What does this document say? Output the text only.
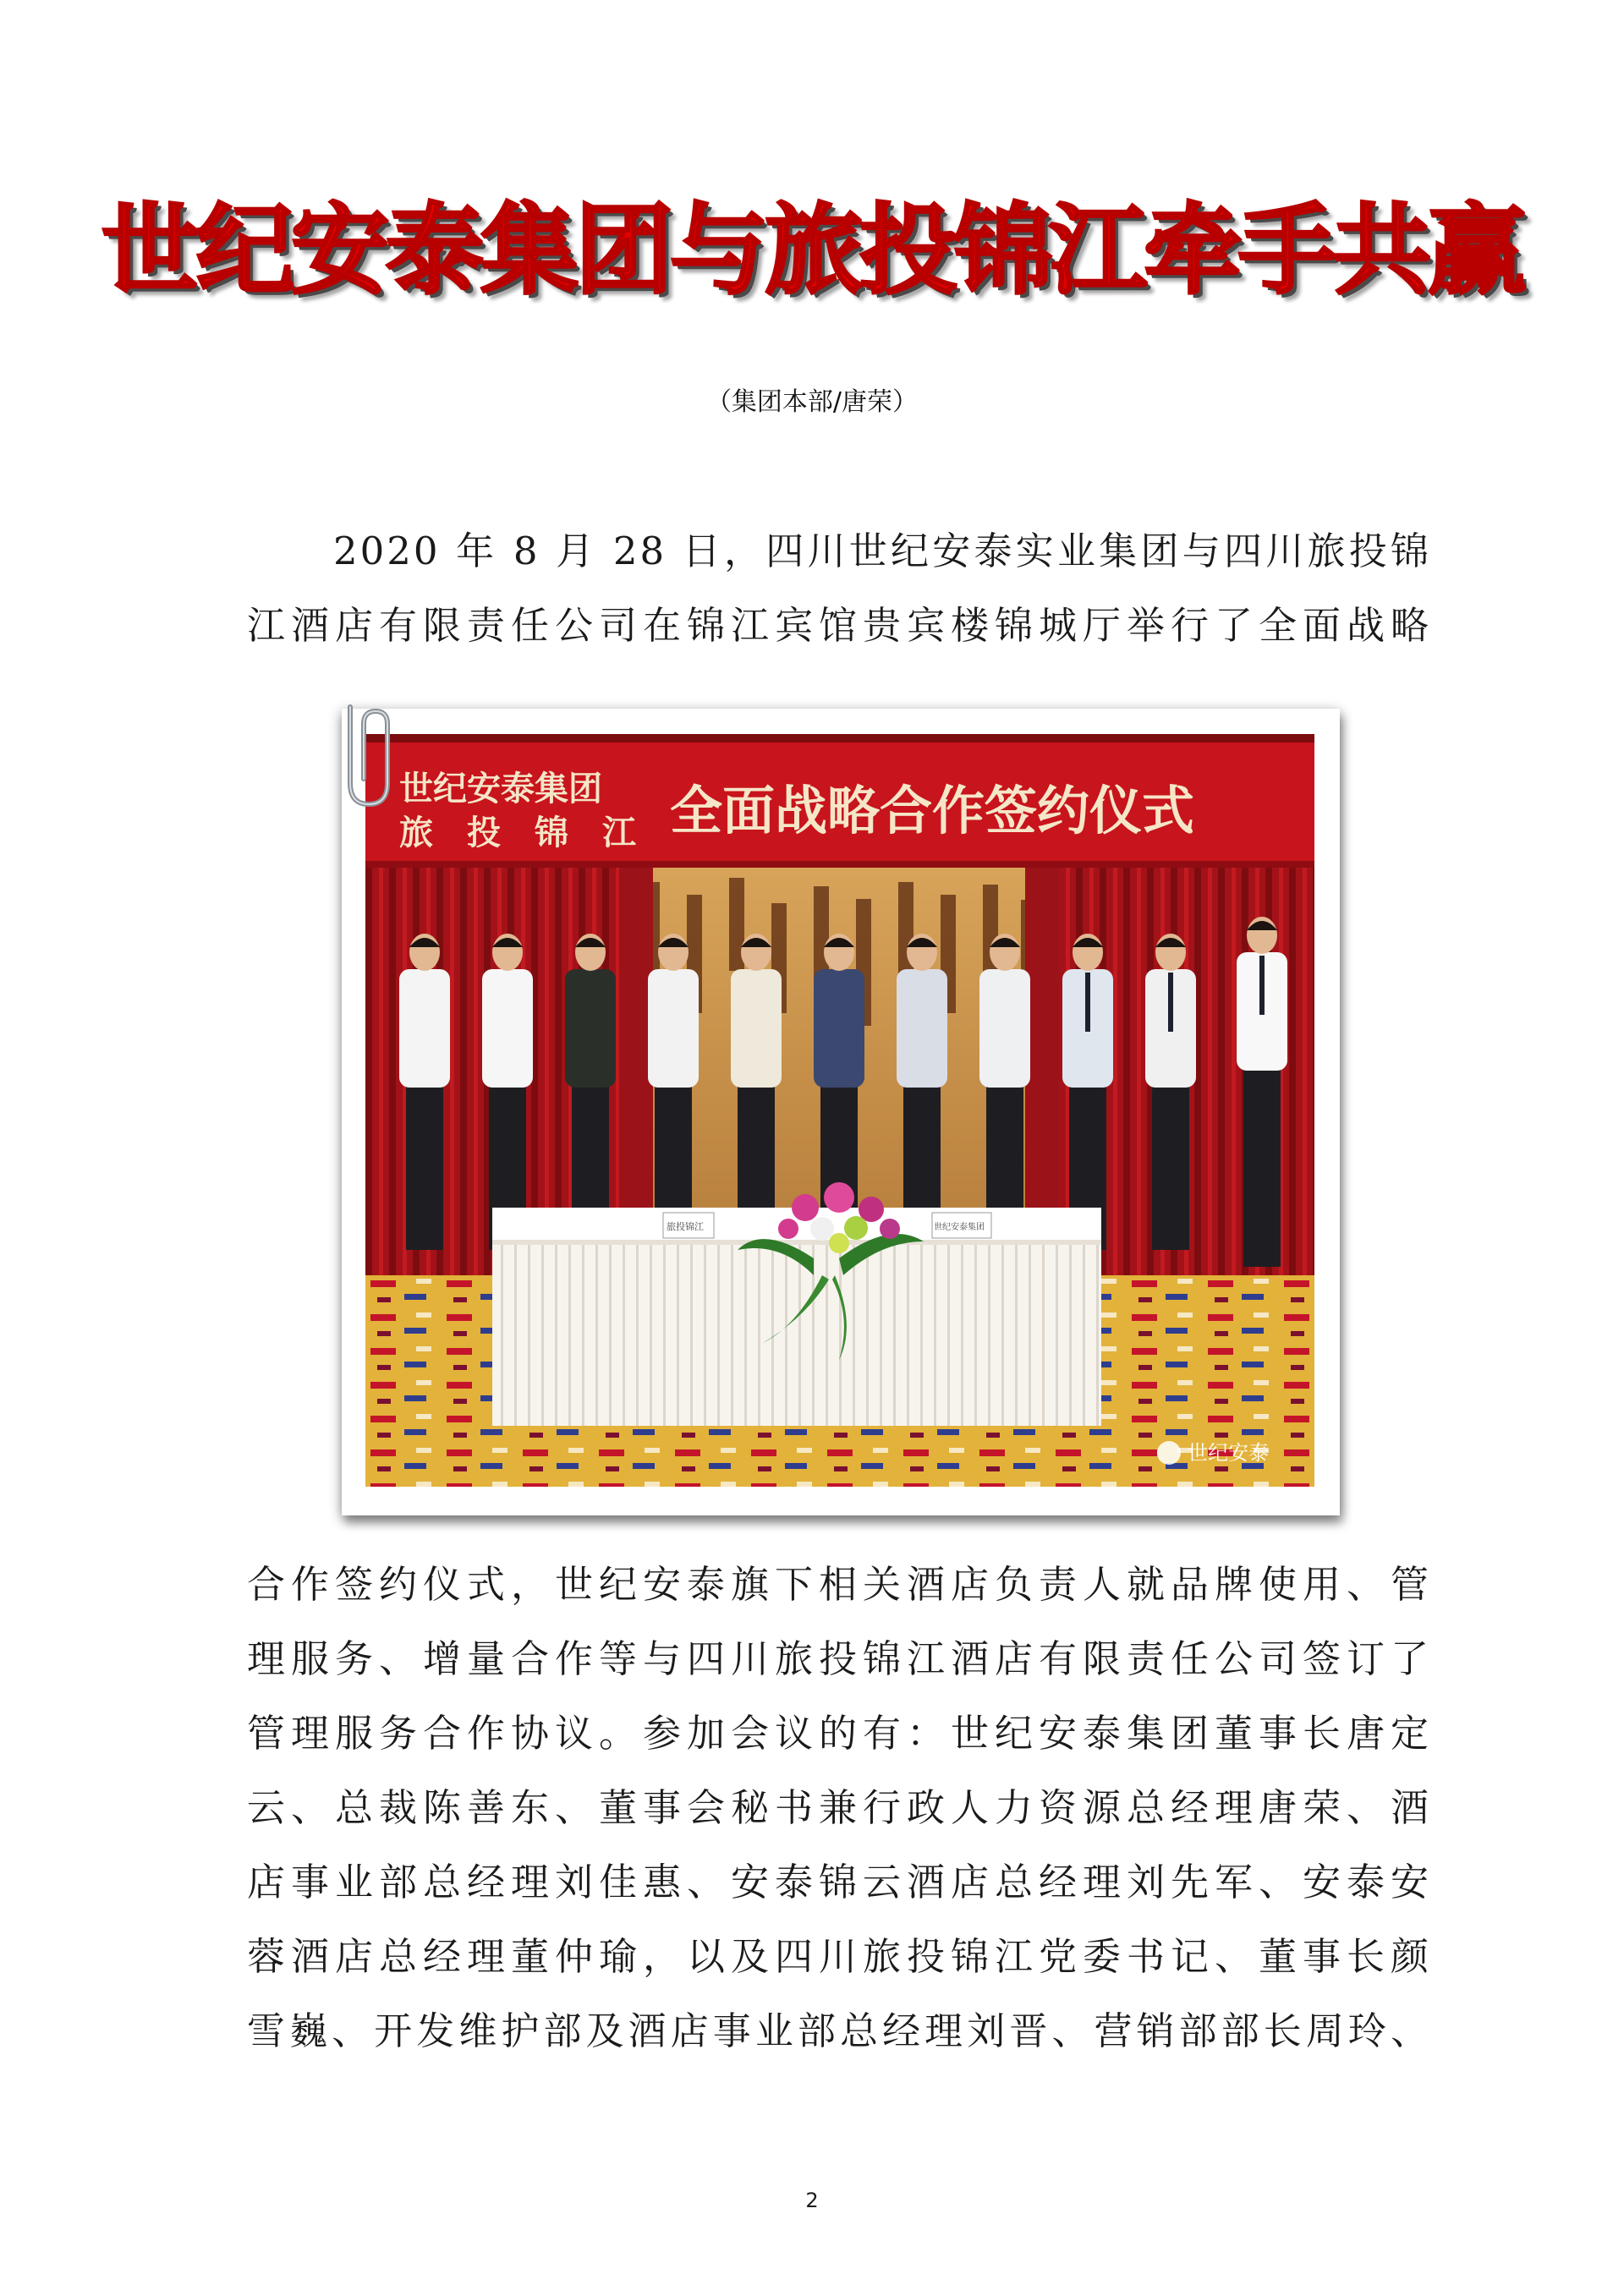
世纪安泰集团与旅投锦江牵手共赢
（集团本部/唐荣）
2020 年 8 月 28 日，四川世纪安泰实业集团与四川旅投锦
江酒店有限责任公司在锦江宾馆贵宾楼锦城厅举行了全面战略
世纪安泰集团
旅　投　锦　江 全面战略合作签约仪式
旅投锦江	世纪安泰集团
世纪安泰
合作签约仪式，世纪安泰旗下相关酒店负责人就品牌使用、管
理服务、增量合作等与四川旅投锦江酒店有限责任公司签订了
管理服务合作协议。参加会议的有：世纪安泰集团董事长唐定
云、总裁陈善东、董事会秘书兼行政人力资源总经理唐荣、酒
店事业部总经理刘佳惠、安泰锦云酒店总经理刘先军、安泰安
蓉酒店总经理董仲瑜，以及四川旅投锦江党委书记、董事长颜
雪巍、开发维护部及酒店事业部总经理刘晋、营销部部长周玲、
2
